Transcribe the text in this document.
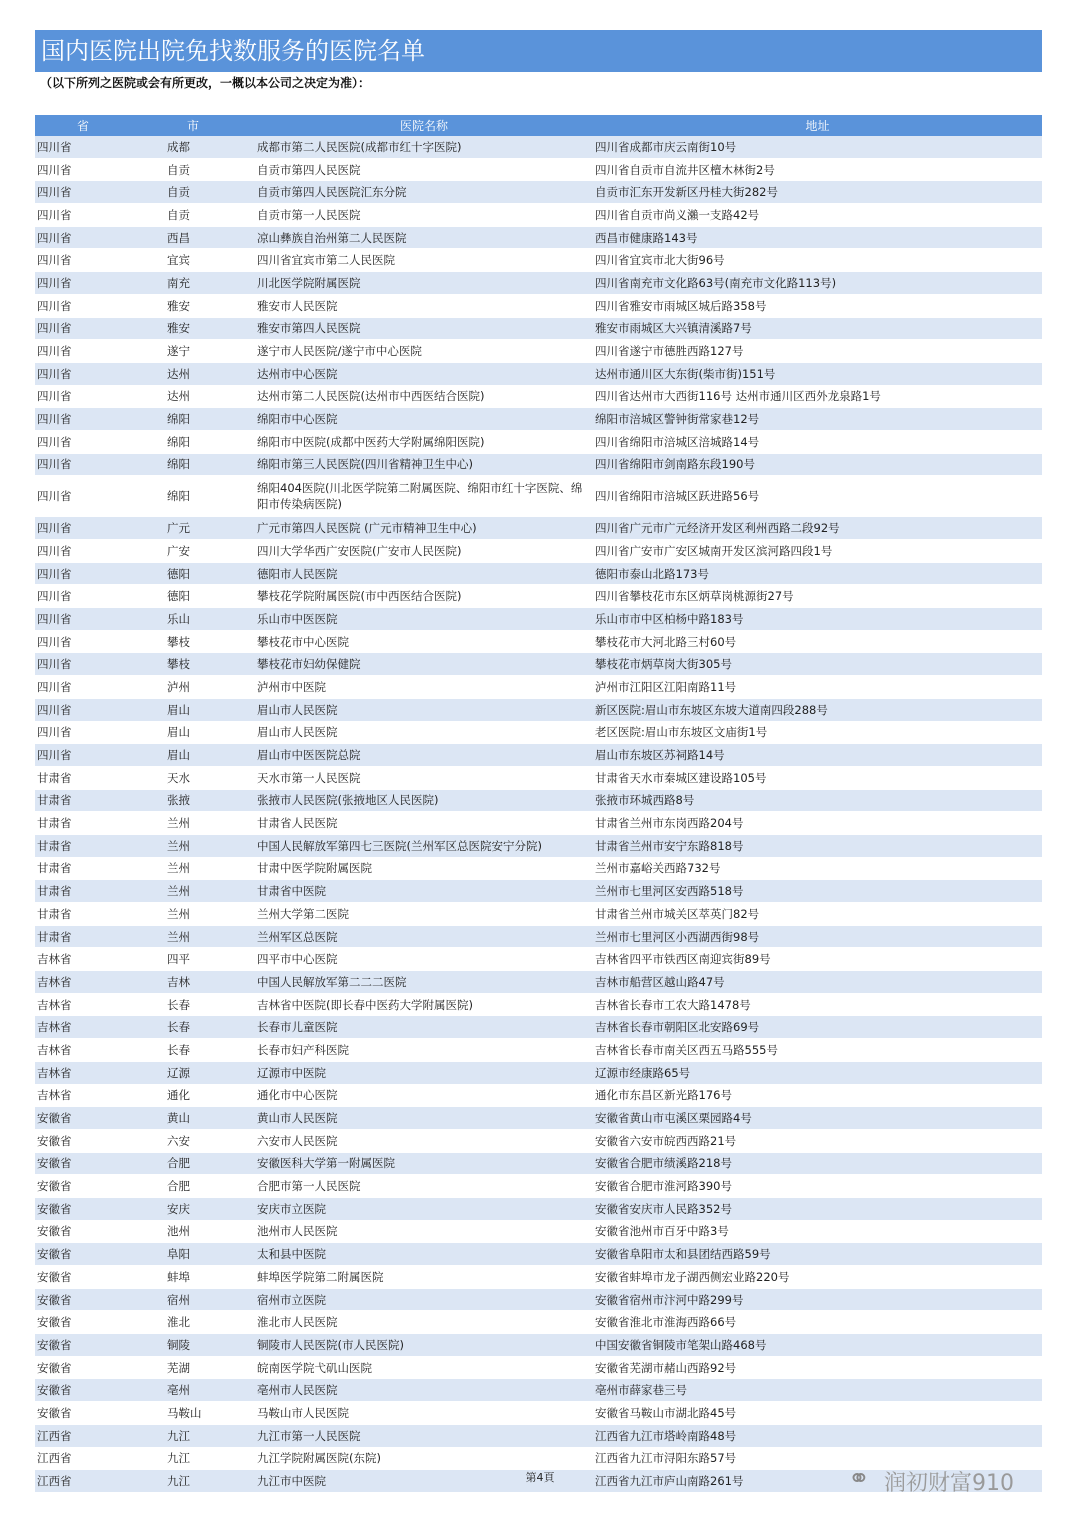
国内医院出院免找数服务的医院名单
（以下所列之医院或会有所更改，一概以本公司之决定为准）：
省	市	医院名称	地址
四川省	成都	成都市第二人民医院(成都市红十字医院)	四川省成都市庆云南街10号
四川省	自贡	自贡市第四人民医院	四川省自贡市自流井区檀木林街2号
四川省	自贡	自贡市第四人民医院汇东分院	自贡市汇东开发新区丹桂大街282号
四川省	自贡	自贡市第一人民医院	四川省自贡市尚义瀨一支路42号
四川省	西昌	凉山彝族自治州第二人民医院	西昌市健康路143号
四川省	宜宾	四川省宜宾市第二人民医院	四川省宜宾市北大街96号
四川省	南充	川北医学院附属医院	四川省南充市文化路63号(南充市文化路113号)
四川省	雅安	雅安市人民医院	四川省雅安市雨城区城后路358号
四川省	雅安	雅安市第四人民医院	雅安市雨城区大兴镇清溪路7号
四川省	遂宁	遂宁市人民医院/遂宁市中心医院	四川省遂宁市德胜西路127号
四川省	达州	达州市中心医院	达州市通川区大东街(柴市街)151号
四川省	达州	达州市第二人民医院(达州市中西医结合医院)	四川省达州市大西街116号 达州市通川区西外龙泉路1号
四川省	绵阳	绵阳市中心医院	绵阳市涪城区警钟街常家巷12号
四川省	绵阳	绵阳市中医院(成都中医药大学附属绵阳医院)	四川省绵阳市涪城区涪城路14号
四川省	绵阳	绵阳市第三人民医院(四川省精神卫生中心)	四川省绵阳市剑南路东段190号
四川省	绵阳	绵阳404医院(川北医学院第二附属医院、绵阳市红十字医院、绵阳市传染病医院)	四川省绵阳市涪城区跃进路56号
四川省	广元	广元市第四人民医院 (广元市精神卫生中心)	四川省广元市广元经济开发区利州西路二段92号
四川省	广安	四川大学华西广安医院(广安市人民医院)	四川省广安市广安区城南开发区滨河路四段1号
四川省	德阳	德阳市人民医院	德阳市泰山北路173号
四川省	德阳	攀枝花学院附属医院(市中西医结合医院)	四川省攀枝花市东区炳草岗桃源街27号
四川省	乐山	乐山市中医医院	乐山市市中区柏杨中路183号
四川省	攀枝	攀枝花市中心医院	攀枝花市大河北路三村60号
四川省	攀枝	攀枝花市妇幼保健院	攀枝花市炳草岗大街305号
四川省	泸州	泸州市中医院	泸州市江阳区江阳南路11号
四川省	眉山	眉山市人民医院	新区医院:眉山市东坡区东坡大道南四段288号
四川省	眉山	眉山市人民医院	老区医院:眉山市东坡区文庙街1号
四川省	眉山	眉山市中医医院总院	眉山市东坡区苏祠路14号
甘肃省	天水	天水市第一人民医院	甘肃省天水市秦城区建设路105号
甘肃省	张掖	张掖市人民医院(张掖地区人民医院)	张掖市环城西路8号
甘肃省	兰州	甘肃省人民医院	甘肃省兰州市东岗西路204号
甘肃省	兰州	中国人民解放军第四七三医院(兰州军区总医院安宁分院)	甘肃省兰州市安宁东路818号
甘肃省	兰州	甘肃中医学院附属医院	兰州市嘉峪关西路732号
甘肃省	兰州	甘肃省中医院	兰州市七里河区安西路518号
甘肃省	兰州	兰州大学第二医院	甘肃省兰州市城关区萃英门82号
甘肃省	兰州	兰州军区总医院	兰州市七里河区小西湖西街98号
吉林省	四平	四平市中心医院	吉林省四平市铁西区南迎宾街89号
吉林省	吉林	中国人民解放军第二二二医院	吉林市船营区越山路47号
吉林省	长春	吉林省中医院(即长春中医药大学附属医院)	吉林省长春市工农大路1478号
吉林省	长春	长春市儿童医院	吉林省长春市朝阳区北安路69号
吉林省	长春	长春市妇产科医院	吉林省长春市南关区西五马路555号
吉林省	辽源	辽源市中医院	辽源市经康路65号
吉林省	通化	通化市中心医院	通化市东昌区新光路176号
安徽省	黄山	黄山市人民医院	安徽省黄山市屯溪区栗园路4号
安徽省	六安	六安市人民医院	安徽省六安市皖西西路21号
安徽省	合肥	安徽医科大学第一附属医院	安徽省合肥市绩溪路218号
安徽省	合肥	合肥市第一人民医院	安徽省合肥市淮河路390号
安徽省	安庆	安庆市立医院	安徽省安庆市人民路352号
安徽省	池州	池州市人民医院	安徽省池州市百牙中路3号
安徽省	阜阳	太和县中医院	安徽省阜阳市太和县团结西路59号
安徽省	蚌埠	蚌埠医学院第二附属医院	安徽省蚌埠市龙子湖西侧宏业路220号
安徽省	宿州	宿州市立医院	安徽省宿州市汴河中路299号
安徽省	淮北	淮北市人民医院	安徽省淮北市淮海西路66号
安徽省	铜陵	铜陵市人民医院(市人民医院)	中国安徽省铜陵市笔架山路468号
安徽省	芜湖	皖南医学院弋矶山医院	安徽省芜湖市赭山西路92号
安徽省	亳州	亳州市人民医院	亳州市薛家巷三号
安徽省	马鞍山	马鞍山市人民医院	安徽省马鞍山市湖北路45号
江西省	九江	九江市第一人民医院	江西省九江市塔岭南路48号
江西省	九江	九江学院附属医院(东院)	江西省九江市浔阳东路57号
江西省	九江	九江市中医院	江西省九江市庐山南路261号
第4頁	⚭ 润初财富910
